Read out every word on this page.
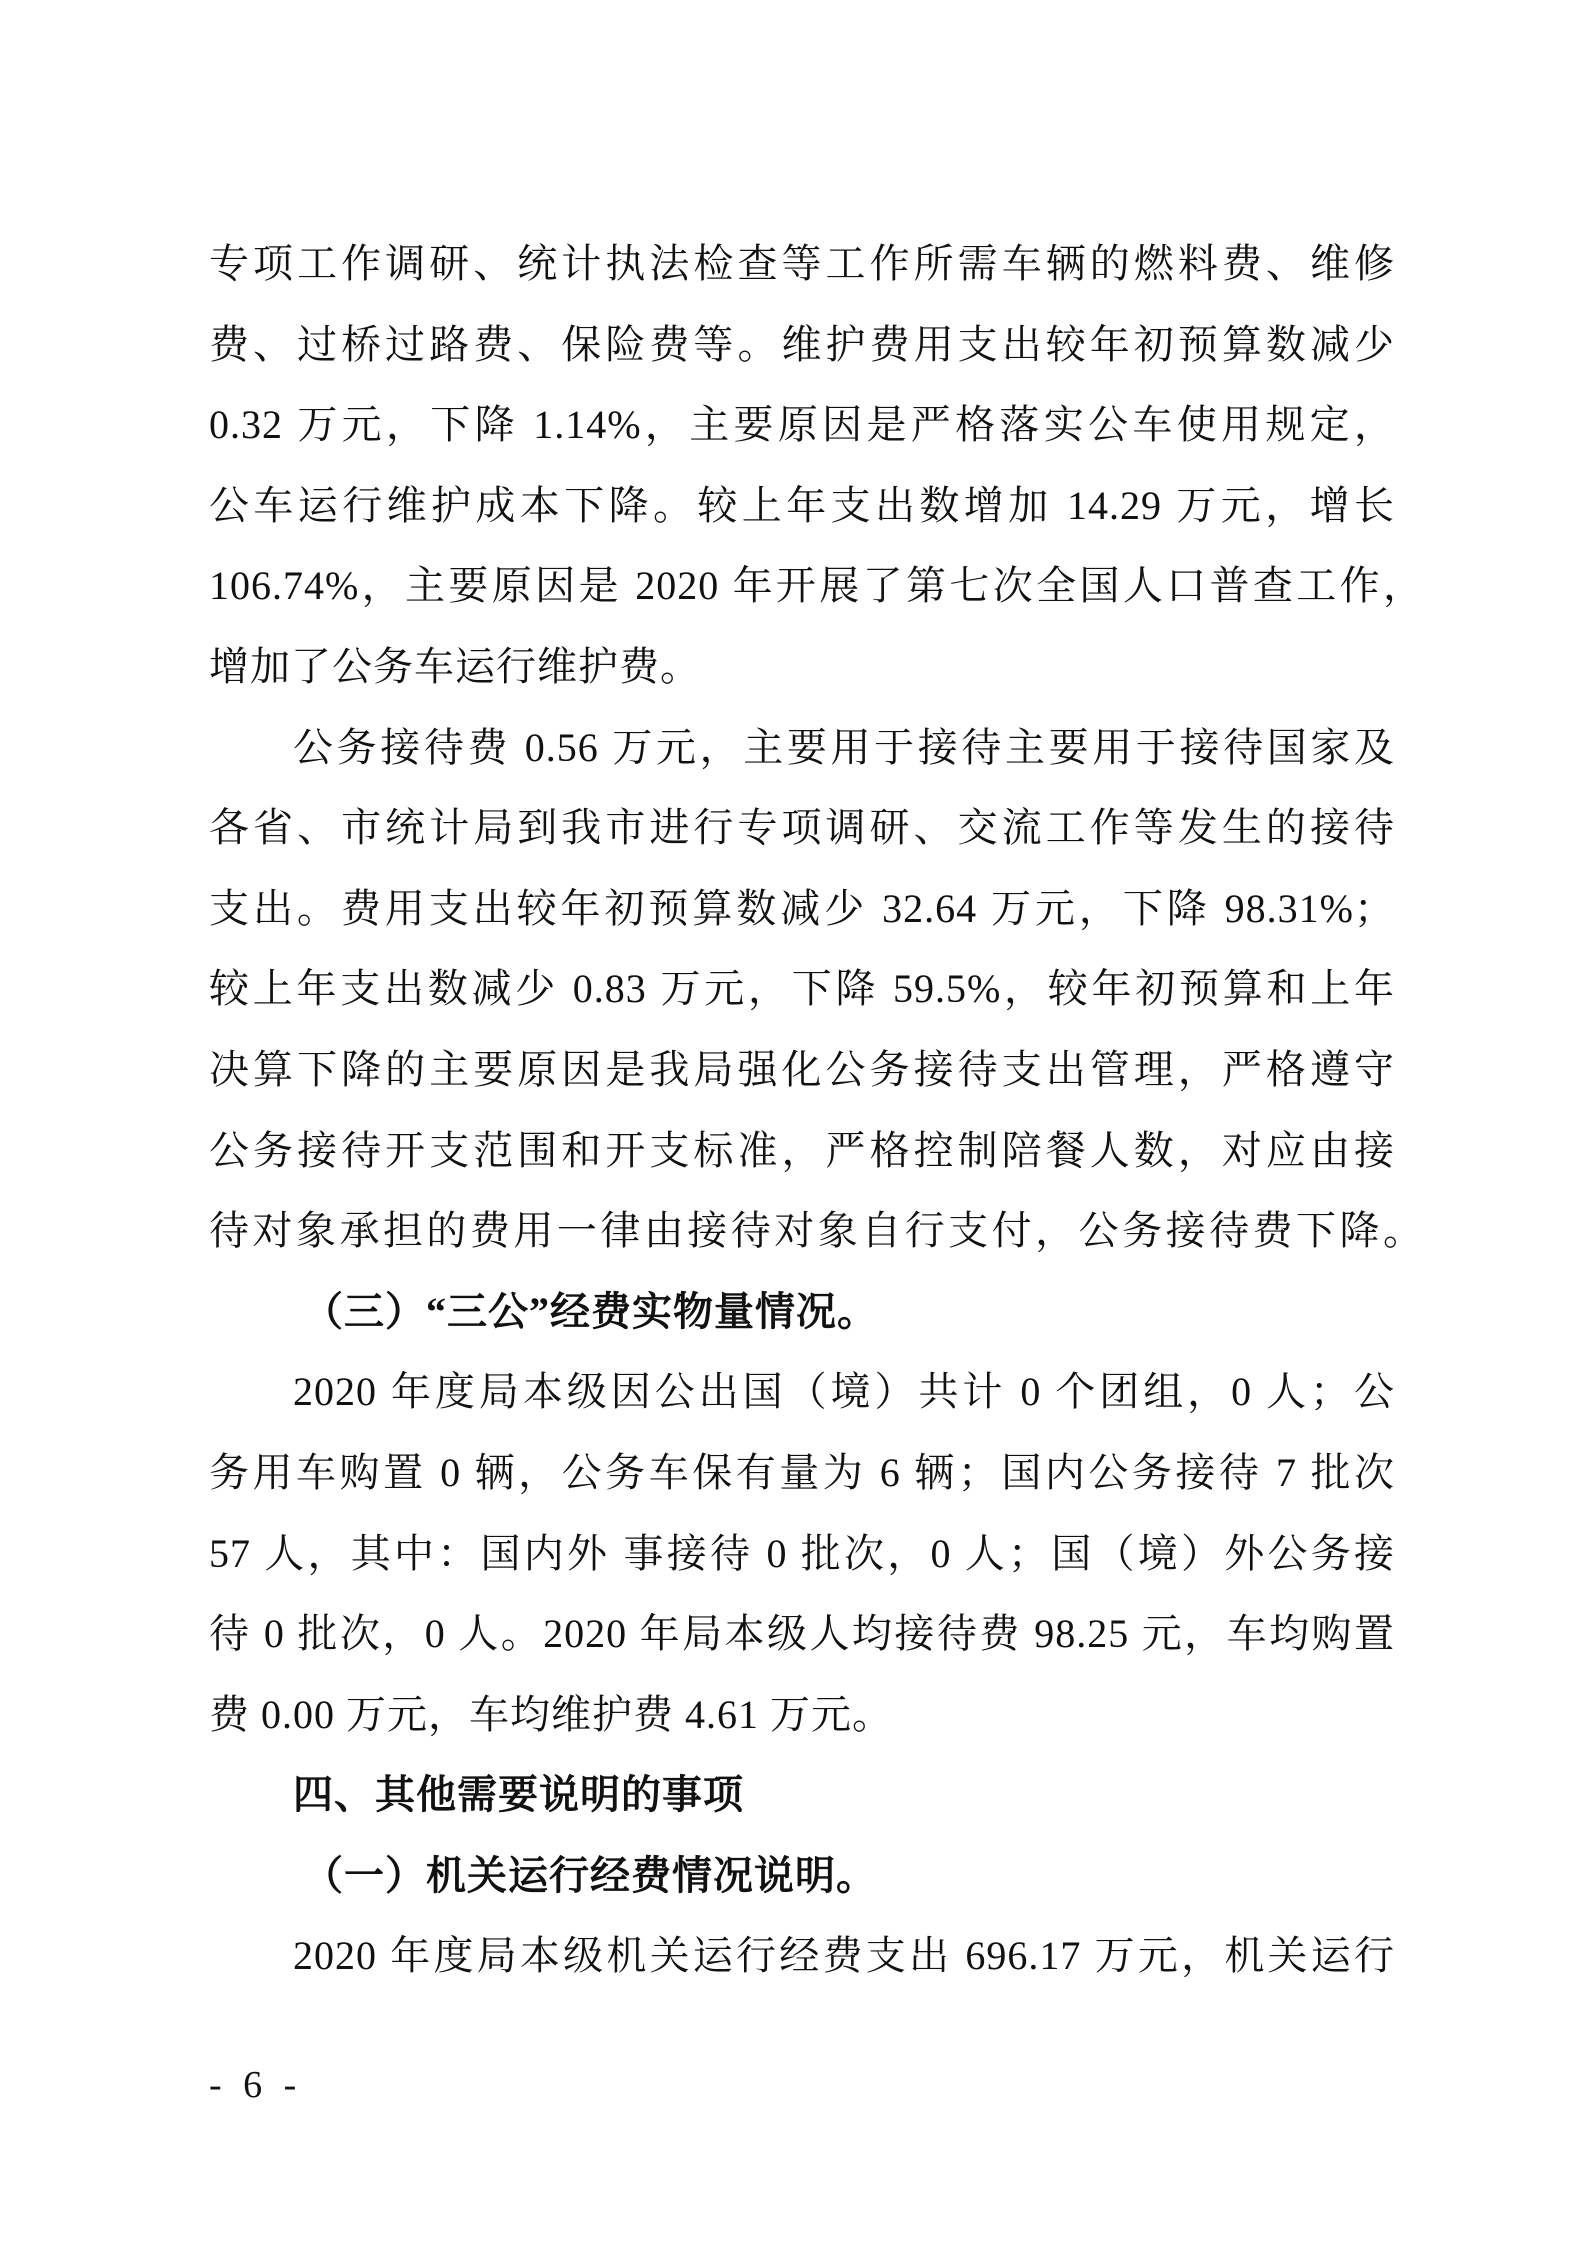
专项工作调研、统计执法检查等工作所需车辆的燃料费、维修
费、过桥过路费、保险费等。维护费用支出较年初预算数减少
0.32 万元，下降 1.14%，主要原因是严格落实公车使用规定，
公车运行维护成本下降。较上年支出数增加 14.29 万元，增长
106.74%，主要原因是 2020 年开展了第七次全国人口普查工作，
增加了公务车运行维护费。
公务接待费 0.56 万元，主要用于接待主要用于接待国家及
各省、市统计局到我市进行专项调研、交流工作等发生的接待
支出。费用支出较年初预算数减少 32.64 万元，下降 98.31%；
较上年支出数减少 0.83 万元，下降 59.5%，较年初预算和上年
决算下降的主要原因是我局强化公务接待支出管理，严格遵守
公务接待开支范围和开支标准，严格控制陪餐人数，对应由接
待对象承担的费用一律由接待对象自行支付，公务接待费下降。
（三）“三公”经费实物量情况。
2020 年度局本级因公出国（境）共计 0 个团组，0 人；公
务用车购置 0 辆，公务车保有量为 6 辆；国内公务接待 7 批次
57 人，其中：国内外 事接待 0 批次，0 人；国（境）外公务接
待 0 批次，0 人。2020 年局本级人均接待费 98.25 元，车均购置
费 0.00 万元，车均维护费 4.61 万元。
四、其他需要说明的事项
（一）机关运行经费情况说明。
2020 年度局本级机关运行经费支出 696.17 万元，机关运行
- 6 -
